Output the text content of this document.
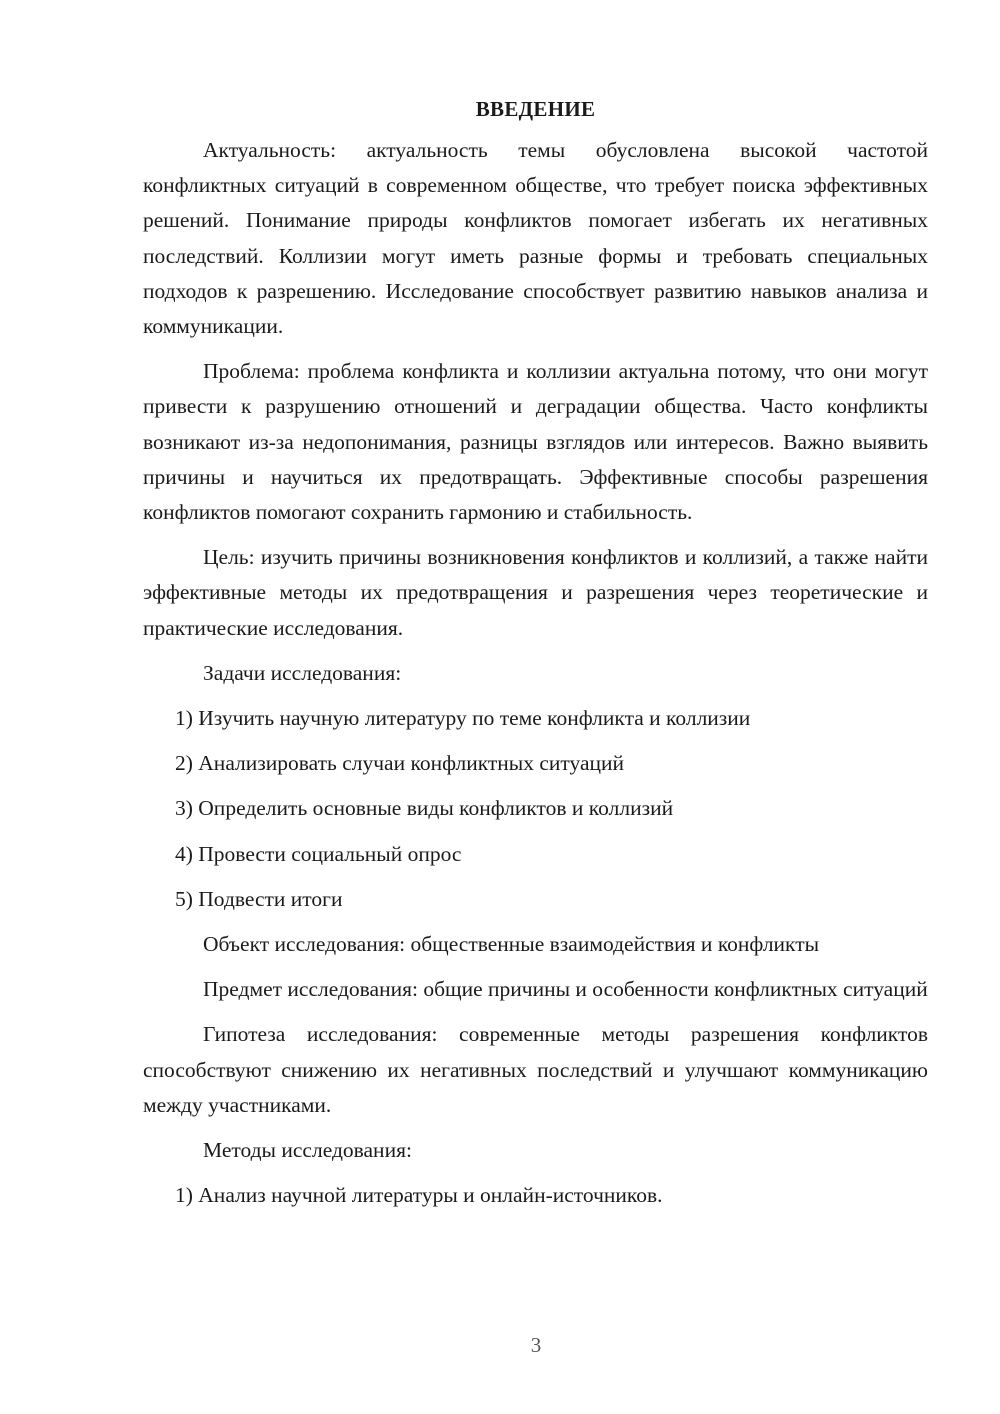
ВВЕДЕНИЕ

Актуальность: актуальность темы обусловлена высокой частотой конфликтных ситуаций в современном обществе, что требует поиска эффективных решений. Понимание природы конфликтов помогает избегать их негативных последствий. Коллизии могут иметь разные формы и требовать специальных подходов к разрешению. Исследование способствует развитию навыков анализа и коммуникации.

Проблема: проблема конфликта и коллизии актуальна потому, что они могут привести к разрушению отношений и деградации общества. Часто конфликты возникают из-за недопонимания, разницы взглядов или интересов. Важно выявить причины и научиться их предотвращать. Эффективные способы разрешения конфликтов помогают сохранить гармонию и стабильность.

Цель: изучить причины возникновения конфликтов и коллизий, а также найти эффективные методы их предотвращения и разрешения через теоретические и практические исследования.

Задачи исследования:

1) Изучить научную литературу по теме конфликта и коллизии

2) Анализировать случаи конфликтных ситуаций

3) Определить основные виды конфликтов и коллизий

4) Провести социальный опрос

5) Подвести итоги

Объект исследования: общественные взаимодействия и конфликты

Предмет исследования: общие причины и особенности конфликтных ситуаций

Гипотеза исследования: современные методы разрешения конфликтов способствуют снижению их негативных последствий и улучшают коммуникацию между участниками.

Методы исследования:

1) Анализ научной литературы и онлайн-источников.

3
